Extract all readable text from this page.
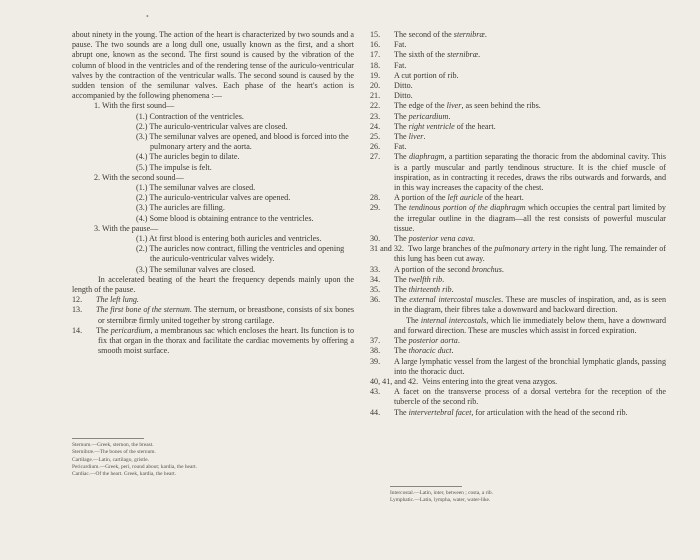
•

about ninety in the young. The action of the heart is characterized by two sounds and a pause. The two sounds are a long dull one, usually known as the first, and a short abrupt one, known as the second. The first sound is caused by the vibration of the column of blood in the ventricles and of the rendering tense of the auriculo-ventricular valves by the contraction of the ventricular walls. The second sound is caused by the sudden tension of the semilunar valves. Each phase of the heart's action is accompanied by the following phenomena :—

1. With the first sound—

(1.) Contraction of the ventricles.

(2.) The auriculo-ventricular valves are closed.

(3.) The semilunar valves are opened, and blood is forced into the pulmonary artery and the aorta.

(4.) The auricles begin to dilate.

(5.) The impulse is felt.

2. With the second sound—

(1.) The semilunar valves are closed.

(2.) The auriculo-ventricular valves are opened.

(3.) The auricles are filling.

(4.) Some blood is obtaining entrance to the ventricles.

3. With the pause—

(1.) At first blood is entering both auricles and ventricles.

(2.) The auricles now contract, filling the ventricles and opening the auriculo-ventricular valves widely.

(3.) The semilunar valves are closed.

In accelerated beating of the heart the frequency depends mainly upon the length of the pause.

12. The left lung.

13. The first bone of the sternum. The sternum, or breastbone, consists of six bones or sternibræ firmly united together by strong cartilage.

14. The pericardium, a membranous sac which encloses the heart. Its function is to fix that organ in the thorax and facilitate the cardiac movements by offering a smooth moist surface.

Sternum.—Greek, sternon, the breast.

Sternibræ.—The bones of the sternum.

Cartilage.—Latin, cartilago, gristle.

Pericardium.—Greek, peri, round about; kardia, the heart.

Cardiac.—Of the heart. Greek, kardia, the heart.

15. The second of the sternibræ.

16. Fat.

17. The sixth of the sternibræ.

18. Fat.

19. A cut portion of rib.

20. Ditto.

21. Ditto.

22. The edge of the liver, as seen behind the ribs.

23. The pericardium.

24. The right ventricle of the heart.

25. The liver.

26. Fat.

27. The diaphragm, a partition separating the thoracic from the abdominal cavity. This is a partly muscular and partly tendinous structure. It is the chief muscle of inspiration, as in contracting it recedes, draws the ribs outwards and forwards, and in this way increases the capacity of the chest.

28. A portion of the left auricle of the heart.

29. The tendinous portion of the diaphragm which occupies the central part limited by the irregular outline in the diagram—all the rest consists of powerful muscular tissue.

30. The posterior vena cava.

31 and 32. Two large branches of the pulmonary artery in the right lung. The remainder of this lung has been cut away.

33. A portion of the second bronchus.

34. The twelfth rib.

35. The thirteenth rib.

36. The external intercostal muscles. These are muscles of inspiration, and, as is seen in the diagram, their fibres take a downward and backward direction.

The internal intercostals, which lie immediately below them, have a downward and forward direction. These are muscles which assist in forced expiration.

37. The posterior aorta.

38. The thoracic duct.

39. A large lymphatic vessel from the largest of the bronchial lymphatic glands, passing into the thoracic duct.

40, 41, and 42. Veins entering into the great vena azygos.

43. A facet on the transverse process of a dorsal vertebra for the reception of the tubercle of the second rib.

44. The intervertebral facet, for articulation with the head of the second rib.

Intercostal.—Latin, inter, between ; costa, a rib.

Lymphatic.—Latin, lympha, water, water-like.
